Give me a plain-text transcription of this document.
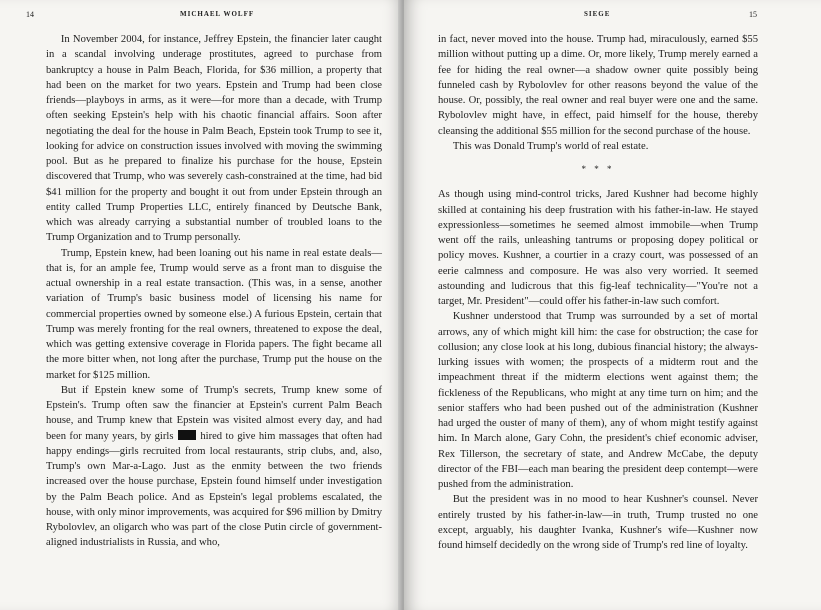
14	MICHAEL WOLFF

In November 2004, for instance, Jeffrey Epstein, the financier later caught in a scandal involving underage prostitutes, agreed to purchase from bankruptcy a house in Palm Beach, Florida, for $36 million, a property that had been on the market for two years. Epstein and Trump had been close friends—playboys in arms, as it were—for more than a decade, with Trump often seeking Epstein's help with his chaotic financial affairs. Soon after negotiating the deal for the house in Palm Beach, Epstein took Trump to see it, looking for advice on construction issues involved with moving the swimming pool. But as he prepared to finalize his purchase for the house, Epstein discovered that Trump, who was severely cash-constrained at the time, had bid $41 million for the property and bought it out from under Epstein through an entity called Trump Properties LLC, entirely financed by Deutsche Bank, which was already carrying a substantial number of troubled loans to the Trump Organization and to Trump personally.

Trump, Epstein knew, had been loaning out his name in real estate deals—that is, for an ample fee, Trump would serve as a front man to disguise the actual ownership in a real estate transaction. (This was, in a sense, another variation of Trump's basic business model of licensing his name for commercial properties owned by someone else.) A furious Epstein, certain that Trump was merely fronting for the real owners, threatened to expose the deal, which was getting extensive coverage in Florida papers. The fight became all the more bitter when, not long after the purchase, Trump put the house on the market for $125 million.

But if Epstein knew some of Trump's secrets, Trump knew some of Epstein's. Trump often saw the financier at Epstein's current Palm Beach house, and Trump knew that Epstein was visited almost every day, and had been for many years, by girls	hired to give him massages that often had happy endings—girls recruited from local restaurants, strip clubs, and, also, Trump's own Mar-a-Lago. Just as the enmity between the two friends increased over the house purchase, Epstein found himself under investigation by the Palm Beach police. And as Epstein's legal problems escalated, the house, with only minor improvements, was acquired for $96 million by Dmitry Rybolovlev, an oligarch who was part of the close Putin circle of government-aligned industrialists in Russia, and who,

SIEGE	15

in fact, never moved into the house. Trump had, miraculously, earned $55 million without putting up a dime. Or, more likely, Trump merely earned a fee for hiding the real owner—a shadow owner quite possibly being funneled cash by Rybolovlev for other reasons beyond the value of the house. Or, possibly, the real owner and real buyer were one and the same. Rybolovlev might have, in effect, paid himself for the house, thereby cleansing the additional $55 million for the second purchase of the house.

This was Donald Trump's world of real estate.

* * *

As though using mind-control tricks, Jared Kushner had become highly skilled at containing his deep frustration with his father-in-law. He stayed expressionless—sometimes he seemed almost immobile—when Trump went off the rails, unleashing tantrums or proposing dopey political or policy moves. Kushner, a courtier in a crazy court, was possessed of an eerie calmness and composure. He was also very worried. It seemed astounding and ludicrous that this fig-leaf technicality—"You're not a target, Mr. President"—could offer his father-in-law such comfort.

Kushner understood that Trump was surrounded by a set of mortal arrows, any of which might kill him: the case for obstruction; the case for collusion; any close look at his long, dubious financial history; the always-lurking issues with women; the prospects of a midterm rout and the impeachment threat if the midterm elections went against them; the fickleness of the Republicans, who might at any time turn on him; and the senior staffers who had been pushed out of the administration (Kushner had urged the ouster of many of them), any of whom might testify against him. In March alone, Gary Cohn, the president's chief economic adviser, Rex Tillerson, the secretary of state, and Andrew McCabe, the deputy director of the FBI—each man bearing the president deep contempt—were pushed from the administration.

But the president was in no mood to hear Kushner's counsel. Never entirely trusted by his father-in-law—in truth, Trump trusted no one except, arguably, his daughter Ivanka, Kushner's wife—Kushner now found himself decidedly on the wrong side of Trump's red line of loyalty.
